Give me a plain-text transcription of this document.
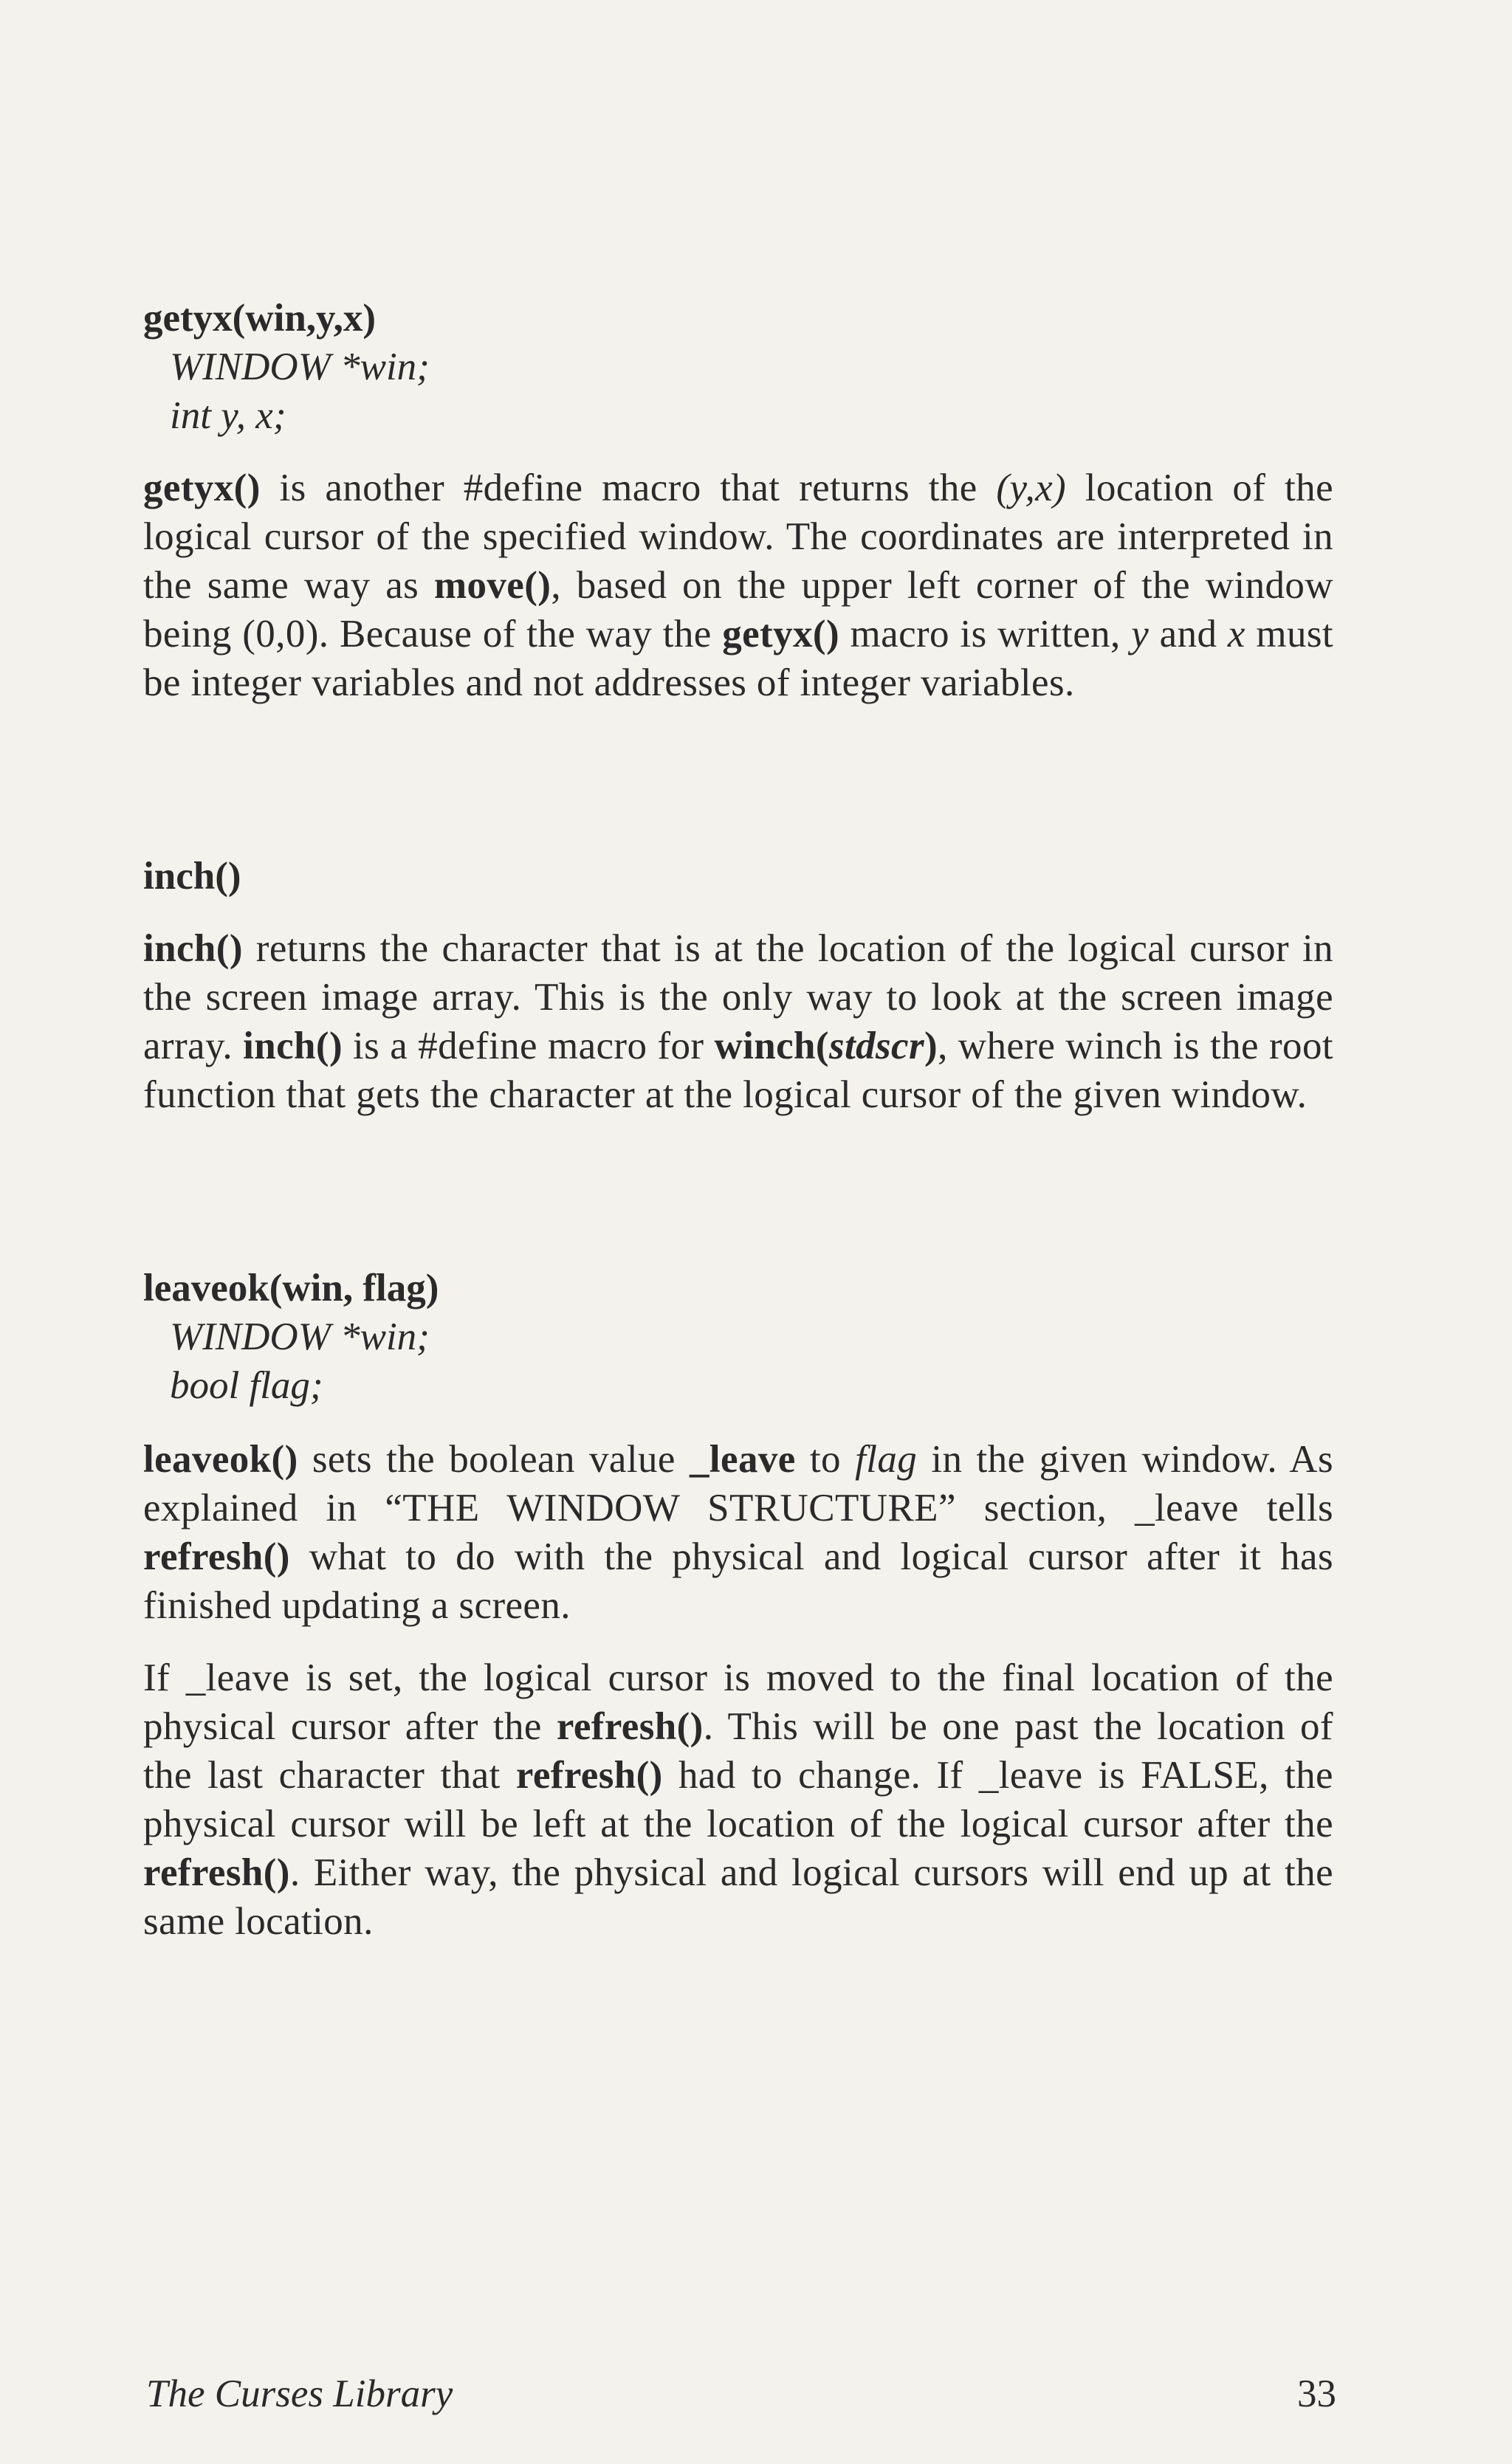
getyx(win,y,x)
WINDOW *win;
int y, x;
getyx() is another #define macro that returns the (y,x) location of the logical cursor of the specified window. The coordinates are interpreted in the same way as move(), based on the upper left corner of the window being (0,0). Because of the way the getyx() macro is written, y and x must be integer variables and not addresses of integer variables.
inch()
inch() returns the character that is at the location of the logical cursor in the screen image array. This is the only way to look at the screen image array. inch() is a #define macro for winch(stdscr), where winch is the root function that gets the character at the logical cursor of the given window.
leaveok(win, flag)
WINDOW *win;
bool flag;
leaveok() sets the boolean value _leave to flag in the given window. As explained in “THE WINDOW STRUCTURE” section, _leave tells refresh() what to do with the physical and logical cursor after it has finished updating a screen.
If _leave is set, the logical cursor is moved to the final location of the physical cursor after the refresh(). This will be one past the location of the last character that refresh() had to change. If _leave is FALSE, the physical cursor will be left at the location of the logical cursor after the refresh(). Either way, the physical and logical cursors will end up at the same location.
The Curses Library	33
